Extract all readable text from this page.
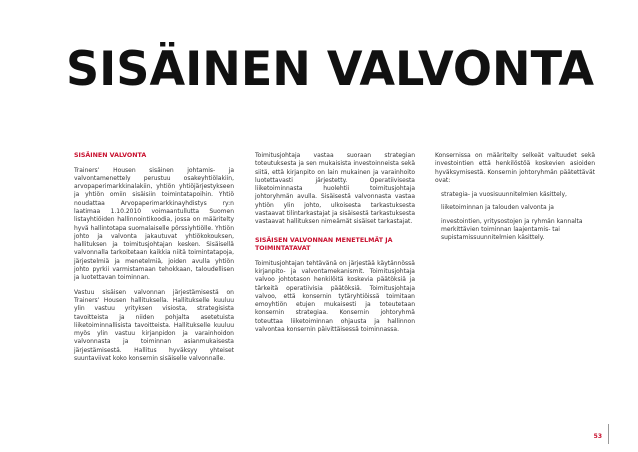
SISÄINEN VALVONTA
SISÄINEN VALVONTA

Trainers’ Housen sisäinen johtamis- ja valvontamenettely perustuu osakeyhtiölakiin, arvopaperimarkkinalakiin, yhtiön yhtiöjärjestykseen ja yhtiön omiin sisäisiin toimintatapoihin. Yhtiö noudattaa Arvopaperimarkkinayhdistys ry:n laatimaa 1.10.2010 voimaantullutta Suomen listayhtiöiden hallinnointikoodia, jossa on määritelty hyvä hallintotapa suomalaiselle pörssiyhtiölle. Yhtiön johto ja valvonta jakautuvat yhtiökokouksen, hallituksen ja toimitusjohtajan kesken. Sisäisellä valvonnalla tarkoitetaan kaikkia niitä toimintatapoja, järjestelmiä ja menetelmiä, joiden avulla yhtiön johto pyrkii varmistamaan tehokkaan, taloudellisen ja luotettavan toiminnan.

Vastuu sisäisen valvonnan järjestämisestä on Trainers’ Housen hallituksella. Hallitukselle kuuluu ylin vastuu yrityksen visiosta, strategisista tavoitteista ja niiden pohjalta asetetuista liiketoiminnallisista tavoitteista. Hallitukselle kuuluu myös ylin vastuu kirjanpidon ja varainhoidon valvonnasta ja toiminnan asianmukaisesta järjestämisestä. Hallitus hyväksyy yhteiset suuntaviivat koko konsernin sisäiselle valvonnalle.

Toimitusjohtaja vastaa suoraan strategian toteutuksesta ja sen mukaisista investoinneista sekä siitä, että kirjanpito on lain mukainen ja varainhoito luotettavasti järjestetty. Operatiivisesta liiketoiminnasta huolehtii toimitusjohtaja johtoryhmän avulla. Sisäisestä valvonnasta vastaa yhtiön ylin johto, ulkoisesta tarkastuksesta vastaavat tilintarkastajat ja sisäisestä tarkastuksesta vastaavat hallituksen nimeämät sisäiset tarkastajat.

SISÄISEN VALVONNAN MENETELMÄT JA TOIMINTATAVAT

Toimitusjohtajan tehtävänä on järjestää käytännössä kirjanpito- ja valvontamekanismit. Toimitusjohtaja valvoo johtotason henkilöitä koskevia päätöksiä ja tärkeitä operatiivisia päätöksiä. Toimitusjohtaja valvoo, että konsernin tytäryhtiöissä toimitaan emoyhtiön etujen mukaisesti ja toteutetaan konsernin strategiaa. Konsernin johtoryhmä toteuttaa liiketoiminnan ohjausta ja hallinnon valvontaa konsernin päivittäisessä toiminnassa.

Konsernissa on määritelty selkeät valtuudet sekä investointien että henkilöstöä koskevien asioiden hyväksymisestä. Konsernin johtoryhmän päätettävät ovat:

strategia- ja vuosisuunnitelmien käsittely,
liiketoiminnan ja talouden valvonta ja
investointien, yritysostojen ja ryhmän kannalta merkittävien toiminnan laajentamis- tai supistamissuunnitelmien käsittely.
53
